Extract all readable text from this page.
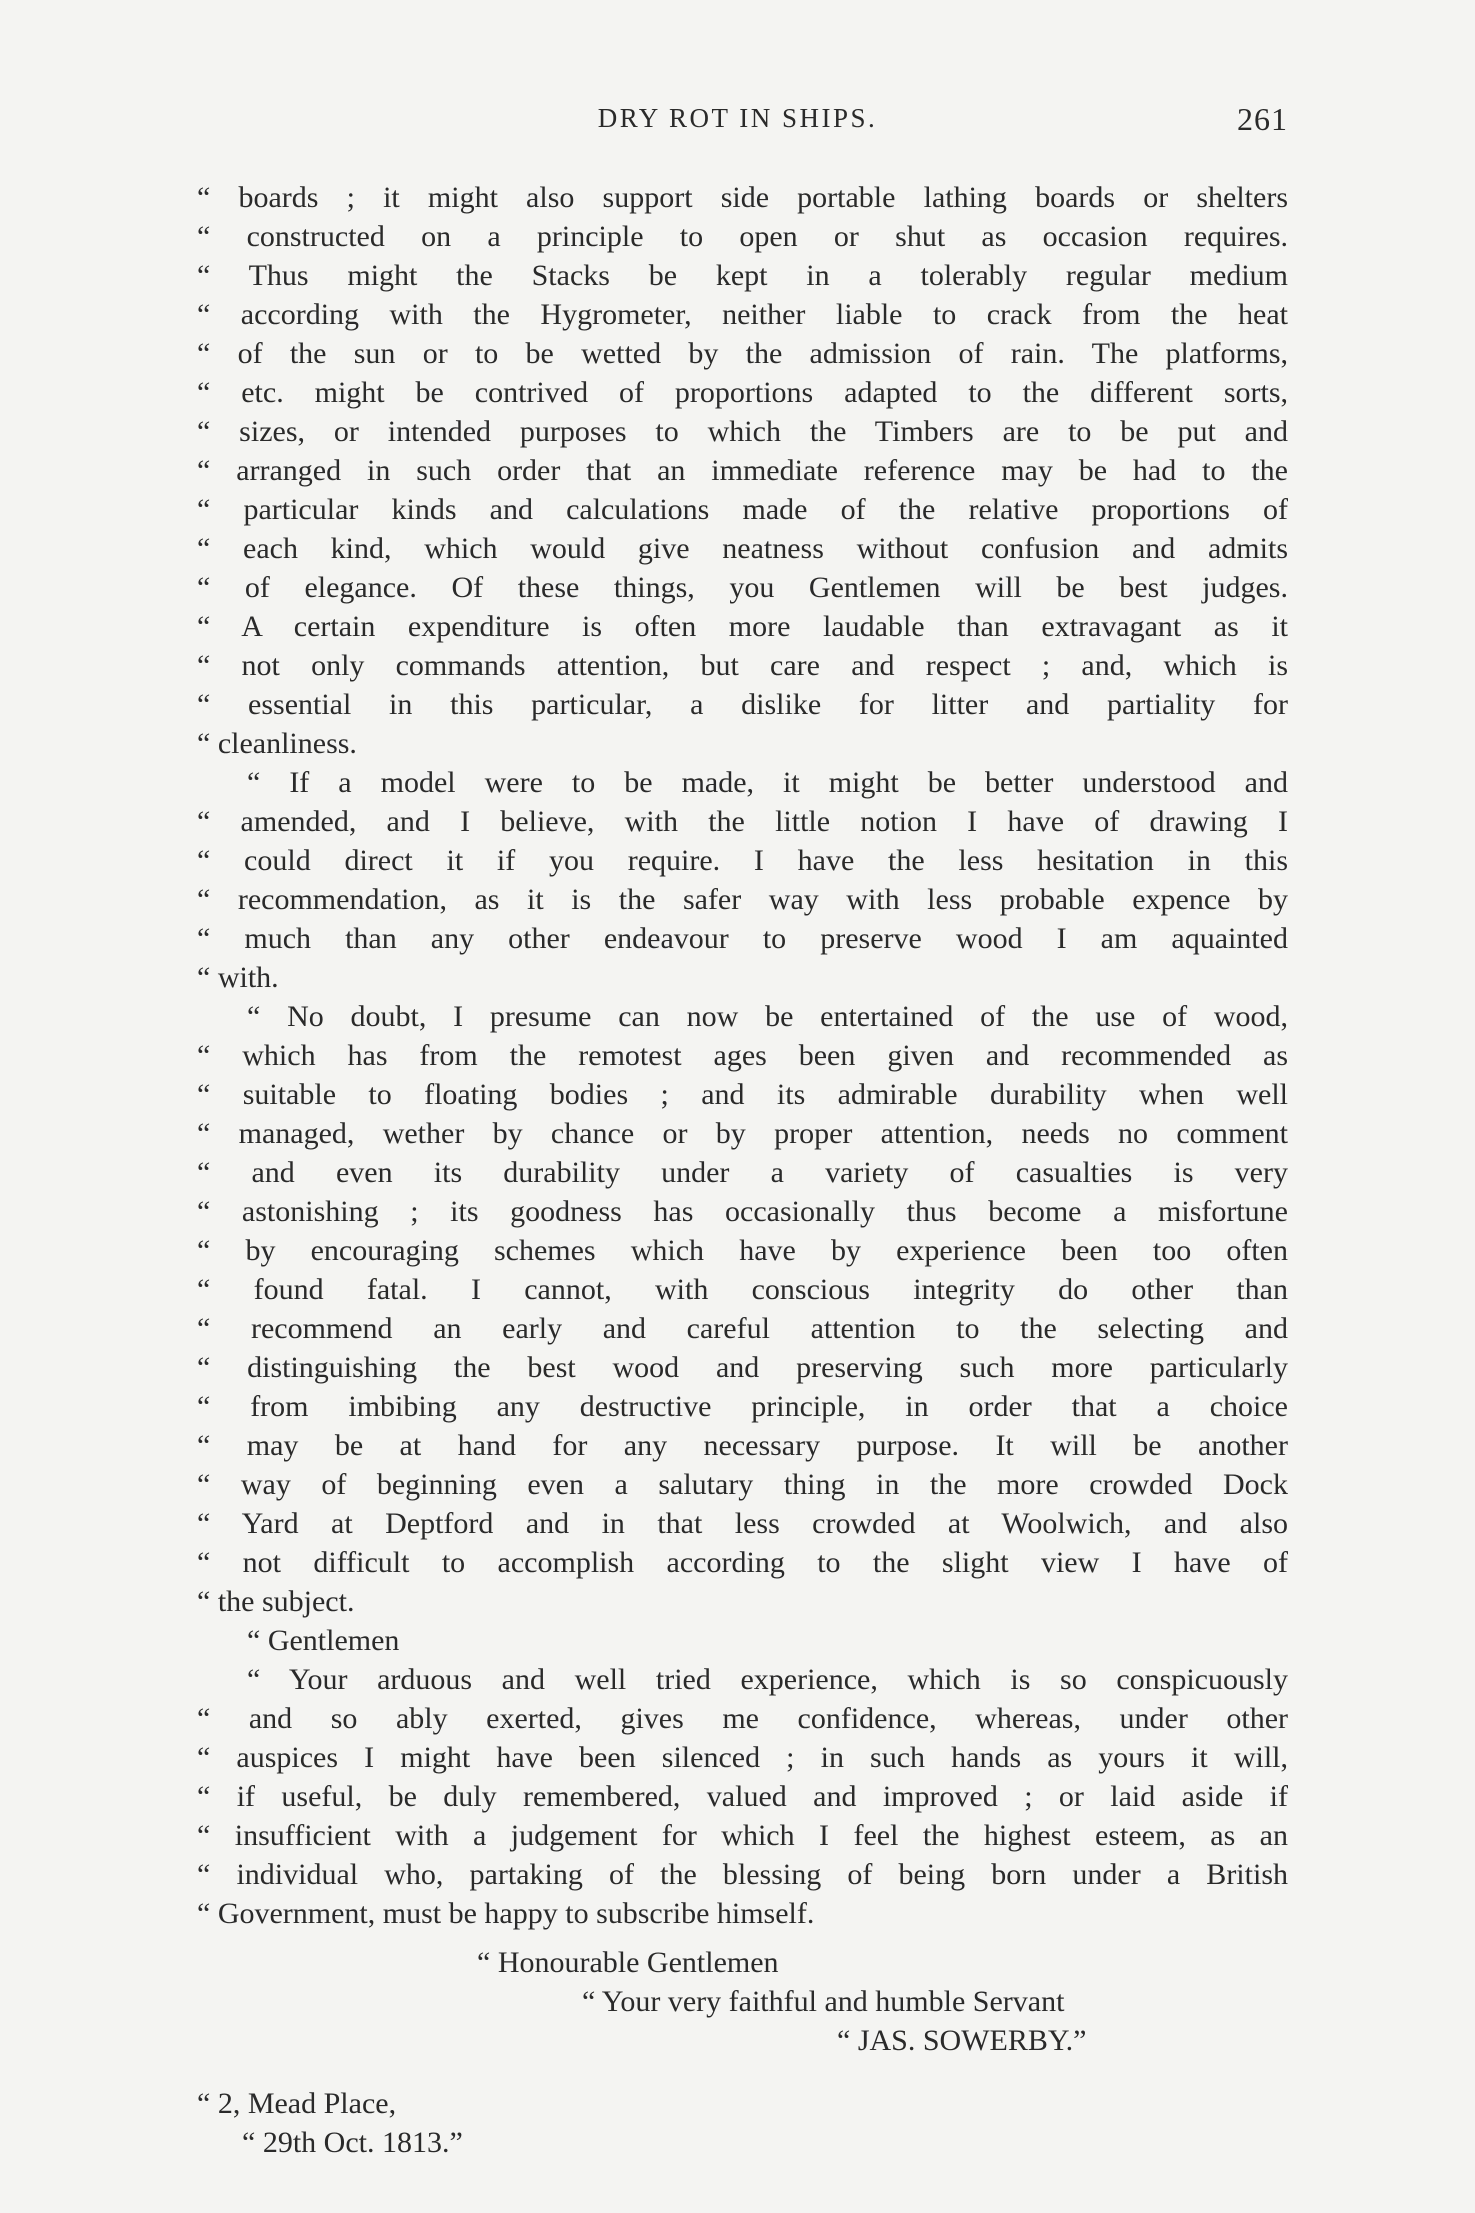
DRY ROT IN SHIPS.	261
“ boards ; it might also support side portable lathing boards or shelters
“ constructed on a principle to open or shut as occasion requires.
“ Thus might the Stacks be kept in a tolerably regular medium
“ according with the Hygrometer, neither liable to crack from the heat
“ of the sun or to be wetted by the admission of rain. The platforms,
“ etc. might be contrived of proportions adapted to the different sorts,
“ sizes, or intended purposes to which the Timbers are to be put and
“ arranged in such order that an immediate reference may be had to the
“ particular kinds and calculations made of the relative proportions of
“ each kind, which would give neatness without confusion and admits
“ of elegance. Of these things, you Gentlemen will be best judges.
“ A certain expenditure is often more laudable than extravagant as it
“ not only commands attention, but care and respect ; and, which is
“ essential in this particular, a dislike for litter and partiality for
“ cleanliness.
“ If a model were to be made, it might be better understood and
“ amended, and I believe, with the little notion I have of drawing I
“ could direct it if you require. I have the less hesitation in this
“ recommendation, as it is the safer way with less probable expence by
“ much than any other endeavour to preserve wood I am aquainted
“ with.
“ No doubt, I presume can now be entertained of the use of wood,
“ which has from the remotest ages been given and recommended as
“ suitable to floating bodies ; and its admirable durability when well
“ managed, wether by chance or by proper attention, needs no comment
“ and even its durability under a variety of casualties is very
“ astonishing ; its goodness has occasionally thus become a misfortune
“ by encouraging schemes which have by experience been too often
“ found fatal. I cannot, with conscious integrity do other than
“ recommend an early and careful attention to the selecting and
“ distinguishing the best wood and preserving such more particularly
“ from imbibing any destructive principle, in order that a choice
“ may be at hand for any necessary purpose. It will be another
“ way of beginning even a salutary thing in the more crowded Dock
“ Yard at Deptford and in that less crowded at Woolwich, and also
“ not difficult to accomplish according to the slight view I have of
“ the subject.
“ Gentlemen
“ Your arduous and well tried experience, which is so conspicuously
“ and so ably exerted, gives me confidence, whereas, under other
“ auspices I might have been silenced ; in such hands as yours it will,
“ if useful, be duly remembered, valued and improved ; or laid aside if
“ insufficient with a judgement for which I feel the highest esteem, as an
“ individual who, partaking of the blessing of being born under a British
“ Government, must be happy to subscribe himself.
“ Honourable Gentlemen
“ Your very faithful and humble Servant
“ JAS. SOWERBY.”
“ 2, Mead Place,
“ 29th Oct. 1813.”
